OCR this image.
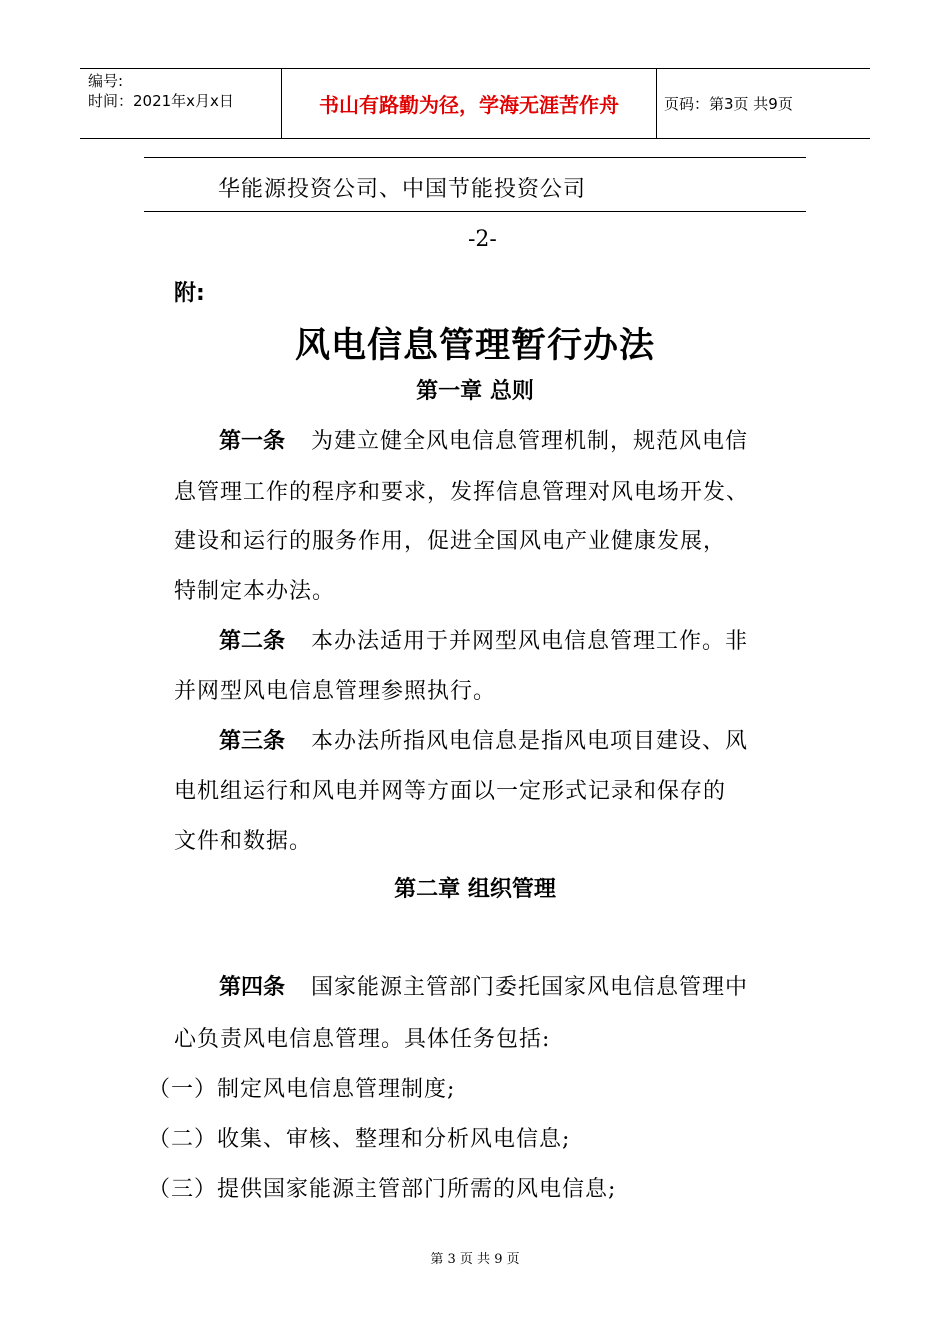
编号:
时间：2021年x月x日	书山有路勤为径，学海无涯苦作舟	页码：第3页 共9页
华能源投资公司、中国节能投资公司
-2-
附:
风电信息管理暂行办法
第一章 总则
第一条 为建立健全风电信息管理机制，规范风电信
息管理工作的程序和要求，发挥信息管理对风电场开发、
建设和运行的服务作用，促进全国风电产业健康发展，
特制定本办法。
第二条 本办法适用于并网型风电信息管理工作。非
并网型风电信息管理参照执行。
第三条 本办法所指风电信息是指风电项目建设、风
电机组运行和风电并网等方面以一定形式记录和保存的
文件和数据。
第二章 组织管理
第四条 国家能源主管部门委托国家风电信息管理中
心负责风电信息管理。具体任务包括:
（一）制定风电信息管理制度;
（二）收集、审核、整理和分析风电信息;
（三）提供国家能源主管部门所需的风电信息;
第 3 页 共 9 页
